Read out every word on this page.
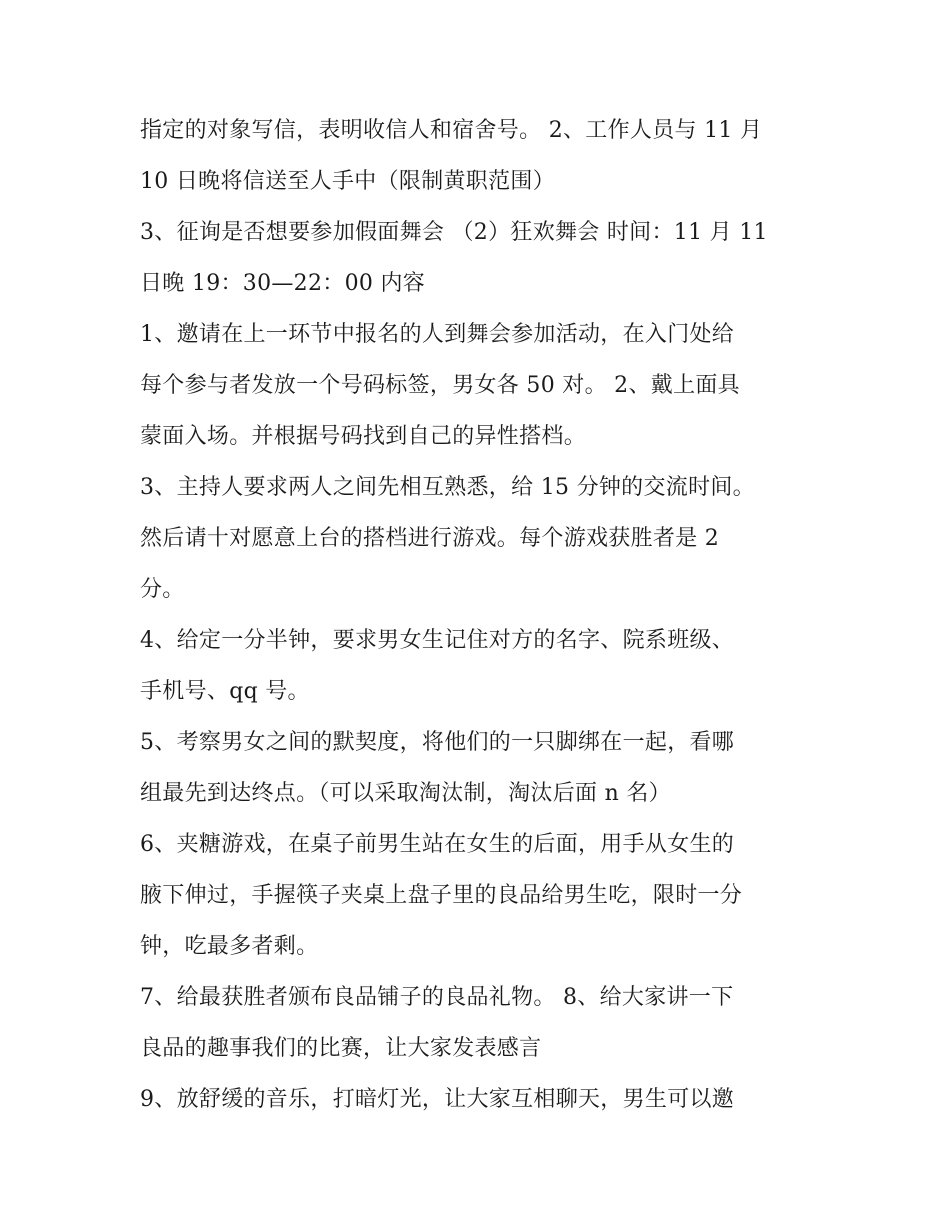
指定的对象写信，表明收信人和宿舍号。 2、工作人员与 11 月
10 日晚将信送至人手中（限制黄职范围）
3、征询是否想要参加假面舞会 （2）狂欢舞会 时间：11 月 11
日晚 19：30—22：00 内容
1、邀请在上一环节中报名的人到舞会参加活动，在入门处给
每个参与者发放一个号码标签，男女各 50 对。 2、戴上面具
蒙面入场。并根据号码找到自己的异性搭档。
3、主持人要求两人之间先相互熟悉，给 15 分钟的交流时间。
然后请十对愿意上台的搭档进行游戏。每个游戏获胜者是 2
分。
4、给定一分半钟，要求男女生记住对方的名字、院系班级、
手机号、qq 号。
5、考察男女之间的默契度，将他们的一只脚绑在一起，看哪
组最先到达终点。（可以采取淘汰制，淘汰后面 n 名）
6、夹糖游戏，在桌子前男生站在女生的后面，用手从女生的
腋下伸过，手握筷子夹桌上盘子里的良品给男生吃，限时一分
钟，吃最多者剩。
7、给最获胜者颁布良品铺子的良品礼物。 8、给大家讲一下
良品的趣事我们的比赛，让大家发表感言
9、放舒缓的音乐，打暗灯光，让大家互相聊天，男生可以邀
